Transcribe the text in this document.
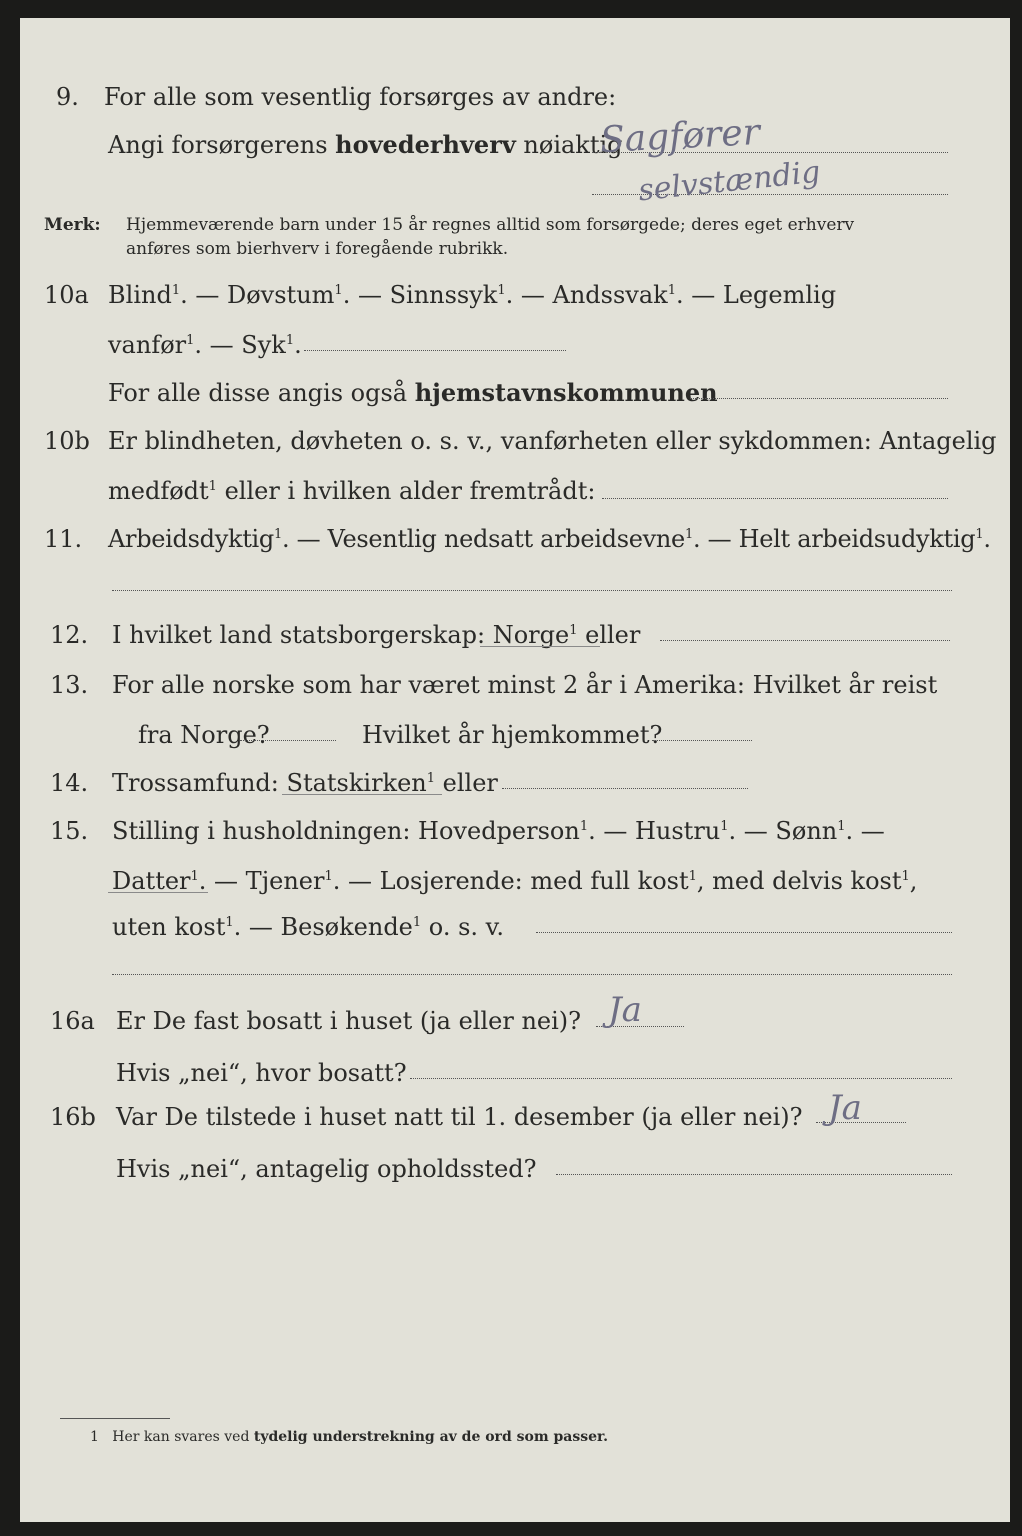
9. For alle som vesentlig forsørges av andre:
Angi forsørgerens hovederhverv nøiaktig
Sagfører
selvstændig
Merk: Hjemmeværende barn under 15 år regnes alltid som forsørgede; deres eget erhverv
anføres som bierhverv i foregående rubrikk.
10a Blind$^1$. — Døvstum$^1$. — Sinnssyk$^1$. — Andssvak$^1$. — Legemlig
vanfør$^1$. — Syk$^1$.
For alle disse angis også hjemstavnskommunen
10b Er blindheten, døvheten o. s. v., vanførheten eller sykdommen: Antagelig
medfødt$^1$ eller i hvilken alder fremtrådt:
11. Arbeidsdyktig$^1$. — Vesentlig nedsatt arbeidsevne$^1$. — Helt arbeidsudyktig$^1$.
12. I hvilket land statsborgerskap: Norge$^1$ eller
13. For alle norske som har været minst 2 år i Amerika: Hvilket år reist
fra Norge?	Hvilket år hjemkommet?
14. Trossamfund: Statskirken$^1$ eller
15. Stilling i husholdningen: Hovedperson$^1$. — Hustru$^1$. — Sønn$^1$. —
Datter$^1$. — Tjener$^1$. — Losjerende: med full kost$^1$, med delvis kost$^1$,
uten kost$^1$. — Besøkende$^1$ o. s. v.
16a Er De fast bosatt i huset (ja eller nei)? Ja
Hvis „nei“, hvor bosatt?
16b Var De tilstede i huset natt til 1. desember (ja eller nei)? Ja
Hvis „nei“, antagelig opholdssted?
1 Her kan svares ved tydelig understrekning av de ord som passer.
